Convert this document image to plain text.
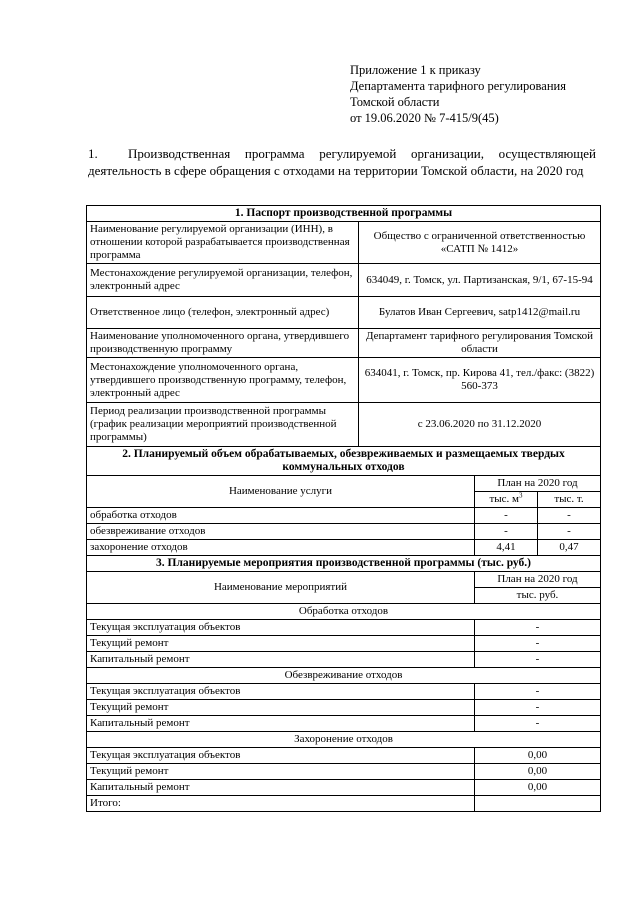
Приложение 1 к приказу
Департамента тарифного регулирования
Томской области
от 19.06.2020 № 7-415/9(45)
1. Производственная программа регулируемой организации, осуществляющей деятельность в сфере обращения с отходами на территории Томской области, на 2020 год
1. Паспорт производственной программы			
Наименование регулируемой организации (ИНН), в отношении которой разрабатывается производственная программа	Общество с ограниченной ответственностью «САТП № 1412»		
Местонахождение регулируемой организации, телефон, электронный адрес	634049, г. Томск, ул. Партизанская, 9/1, 67-15-94		
Ответственное лицо (телефон, электронный адрес)	Булатов Иван Сергеевич, satp1412@mail.ru		
Наименование уполномоченного органа, утвердившего производственную программу	Департамент тарифного регулирования Томской области		
Местонахождение уполномоченного органа, утвердившего производственную программу, телефон, электронный адрес	634041, г. Томск, пр. Кирова 41, тел./факс: (3822) 560-373		
Период реализации производственной программы (график реализации мероприятий производственной программы)	с 23.06.2020 по 31.12.2020		
2. Планируемый объем обрабатываемых, обезвреживаемых и размещаемых твердых коммунальных отходов			
Наименование услуги		План на 2020 год	
		тыс. $м^3$	тыс. т.
обработка отходов		-	-
обезвреживание отходов		-	-
захоронение отходов		4,41	0,47
3. Планируемые мероприятия производственной программы (тыс. руб.)			
Наименование мероприятий		План на 2020 год	
		тыс. руб.	
Обработка отходов			
Текущая эксплуатация объектов		-	
Текущий ремонт		-	
Капитальный ремонт		-	
Обезвреживание отходов			
Текущая эксплуатация объектов		-	
Текущий ремонт		-	
Капитальный ремонт		-	
Захоронение отходов			
Текущая эксплуатация объектов		0,00	
Текущий ремонт		0,00	
Капитальный ремонт		0,00	
Итого:			
